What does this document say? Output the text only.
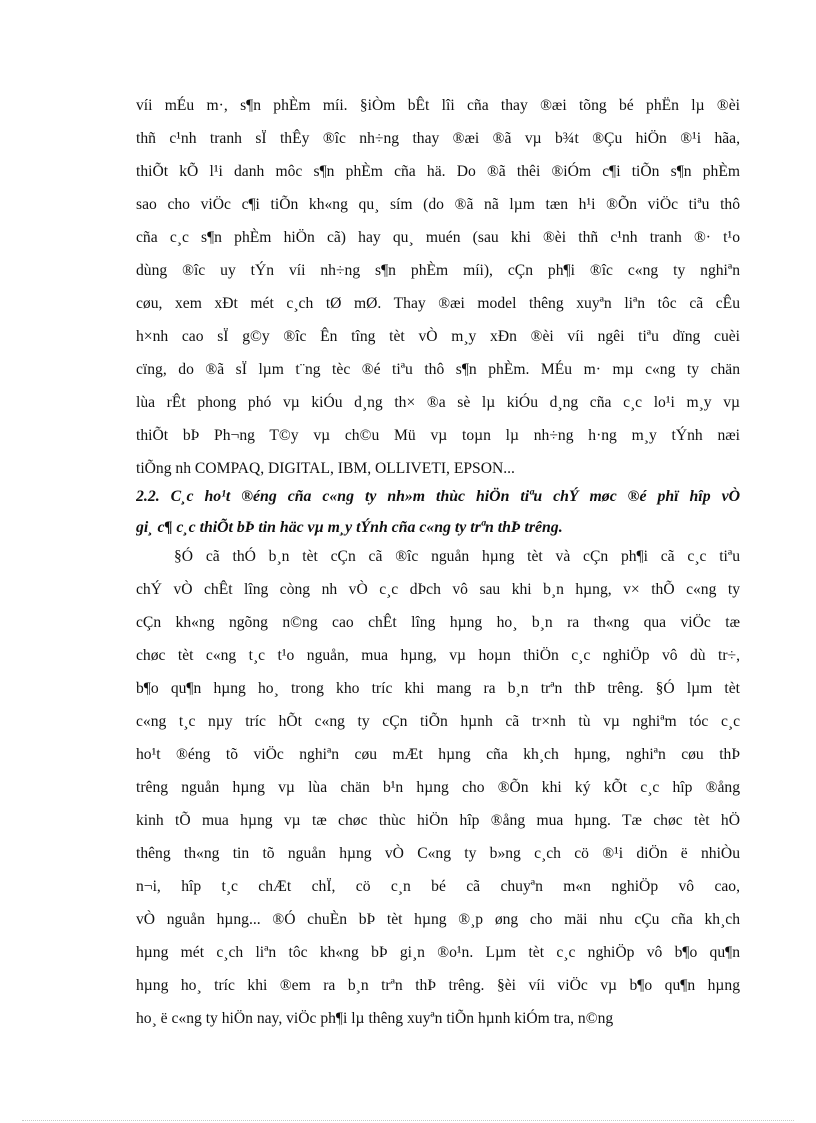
víi mÉu m·, s¶n phÈm míi. §iÒm bÊt lîi cña thay ®æi tõng bé phËn lµ ®èi
thñ c¹nh tranh sÏ thÊy ®îc nh÷ng thay ®æi ®ã vµ b¾t ®Çu hiÖn ®¹i hãa,
thiÕt kÕ l¹i danh môc s¶n phÈm cña hä. Do ®ã thêi ®iÓm c¶i tiÕn s¶n phÈm
sao cho viÖc c¶i tiÕn kh«ng qu¸ sím (do ®ã nã lµm tæn h¹i ®Õn viÖc tiªu thô
cña c¸c s¶n phÈm hiÖn cã) hay qu¸ muén (sau khi ®èi thñ c¹nh tranh ®· t¹o
dùng ®îc uy tÝn víi nh÷ng s¶n phÈm míi), cÇn ph¶i ®îc c«ng ty nghiªn
cøu, xem xÐt mét c¸ch tØ mØ. Thay ®æi model thêng xuyªn liªn tôc cã cÊu
h×nh cao sÏ g©y ®îc Ên tîng tèt vÒ m¸y xÐn ®èi víi ngêi tiªu dïng cuèi
cïng, do ®ã sÏ lµm t¨ng tèc ®é tiªu thô s¶n phÈm. MÉu m· mµ c«ng ty chän
lùa rÊt phong phó vµ kiÓu d¸ng th× ®a sè lµ kiÓu d¸ng cña c¸c lo¹i m¸y vµ
thiÕt bÞ Ph¬ng T©y vµ ch©u Mü vµ toµn lµ nh÷ng h·ng m¸y tÝnh næi
tiÕng nh COMPAQ, DIGITAL, IBM, OLLIVETI, EPSON...
2.2. C¸c ho¹t ®éng cña c«ng ty nh»m thùc hiÖn tiªu chÝ møc ®é phï hîp vÒ
gi¸ c¶ c¸c thiÕt bÞ tin häc vµ m¸y tÝnh cña c«ng ty trªn thÞ trêng.
§Ó cã thÓ b¸n tèt cÇn cã ®îc nguån hµng tèt và cÇn ph¶i cã c¸c tiªu
chÝ vÒ chÊt lîng còng nh vÒ c¸c dÞch vô sau khi b¸n hµng, v× thÕ c«ng ty
cÇn kh«ng ngõng n©ng cao chÊt lîng hµng ho¸ b¸n ra th«ng qua viÖc tæ
chøc tèt c«ng t¸c t¹o nguån, mua hµng, vµ hoµn thiÖn c¸c nghiÖp vô dù tr÷,
b¶o qu¶n hµng ho¸ trong kho tríc khi mang ra b¸n trªn thÞ trêng. §Ó lµm tèt
c«ng t¸c nµy tríc hÕt c«ng ty cÇn tiÕn hµnh cã tr×nh tù vµ nghiªm tóc c¸c
ho¹t ®éng tõ viÖc nghiªn cøu mÆt hµng cña kh¸ch hµng, nghiªn cøu thÞ
trêng nguån hµng vµ lùa chän b¹n hµng cho ®Õn khi ký kÕt c¸c hîp ®ång
kinh tÕ mua hµng vµ tæ chøc thùc hiÖn hîp ®ång mua hµng. Tæ chøc tèt hÖ
thêng th«ng tin tõ nguån hµng vÒ C«ng ty b»ng c¸ch cö ®¹i diÖn ë nhiÒu
n¬i, hîp t¸c chÆt chÏ, cö c¸n bé cã chuyªn m«n nghiÖp vô cao,
vÒ nguån hµng... ®Ó chuÈn bÞ tèt hµng ®¸p øng cho mäi nhu cÇu cña kh¸ch
hµng mét c¸ch liªn tôc kh«ng bÞ gi¸n ®o¹n. Lµm tèt c¸c nghiÖp vô b¶o qu¶n
hµng ho¸ tríc khi ®em ra b¸n trªn thÞ trêng. §èi víi viÖc vµ b¶o qu¶n hµng
ho¸ ë c«ng ty hiÖn nay, viÖc ph¶i lµ thêng xuyªn tiÕn hµnh kiÓm tra, n©ng
